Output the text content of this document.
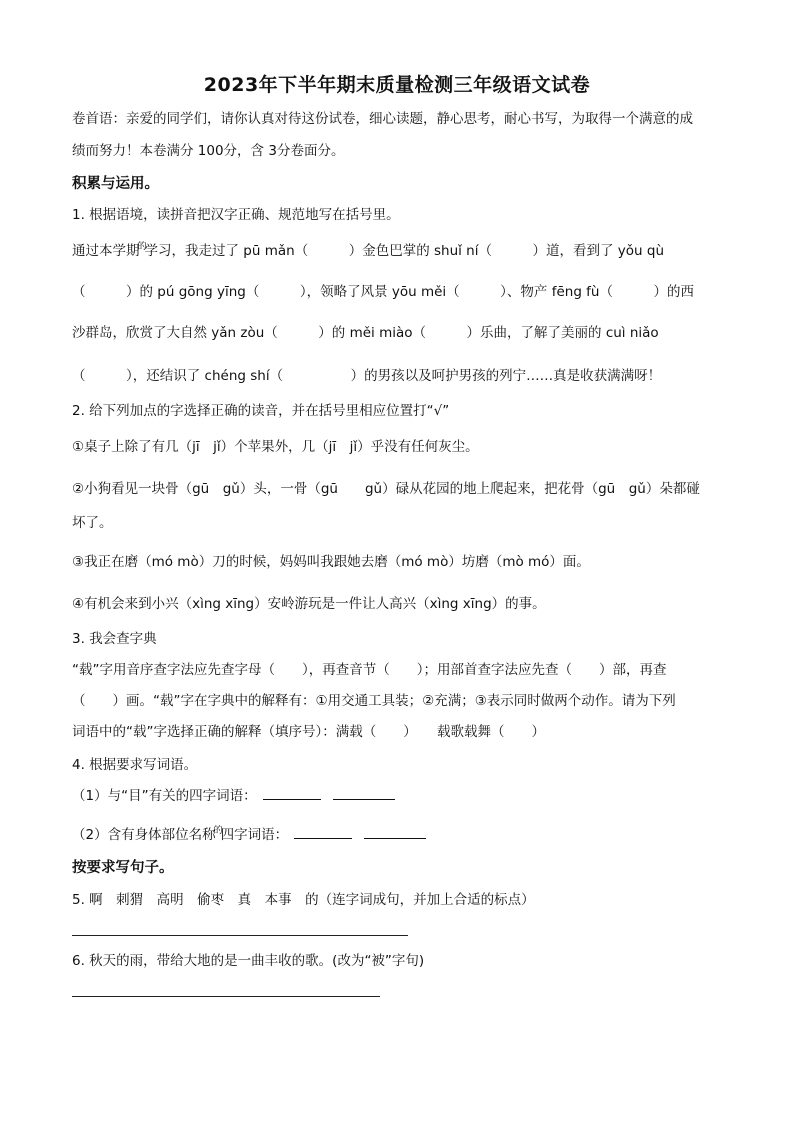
2023年下半年期末质量检测三年级语文试卷
卷首语：亲爱的同学们，请你认真对待这份试卷，细心读题，静心思考，耐心书写，为取得一个满意的成
绩而努力！本卷满分 100分，含 3分卷面分。
积累与运用。
1. 根据语境，读拼音把汉字正确、规范地写在括号里。
通过本学期$^的$学习，我走过了 pū mǎn（　　　）金色巴掌的 shuǐ ní（　　　）道，看到了 yǒu qù
（　　　）的 pú gōng yīng（　　　），领略了风景 yōu měi（　　　）、物产 fēng fù（　　　）的西
沙群岛，欣赏了大自然 yǎn zòu（　　　）的 měi miào（　　　）乐曲，了解了美丽的 cuì niǎo
（　　　），还结识了 chéng shí（　　　　　）的男孩以及呵护男孩的列宁……真是收获满满呀！
2. 给下列加点的字选择正确的读音，并在括号里相应位置打“√”
①桌子上除了有几（jī　jǐ）个苹果外，几（jī　jǐ）乎没有任何灰尘。
②小狗看见一块骨（gū　gǔ）头，一骨（gū　　gǔ）碌从花园的地上爬起来，把花骨（gū　gǔ）朵都碰
坏了。
③我正在磨（mó mò）刀的时候，妈妈叫我跟她去磨（mó mò）坊磨（mò mó）面。
④有机会来到小兴（xìng xīng）安岭游玩是一件让人高兴（xìng xīng）的事。
3. 我会查字典
“载”字用音序查字法应先查字母（　　），再查音节（　　）；用部首查字法应先查（　　）部，再查
（　　）画。“载”字在字典中的解释有：①用交通工具装；②充满；③表示同时做两个动作。请为下列
词语中的“载”字选择正确的解释（填序号）：满载（　　）　　载歌载舞（　　）
4. 根据要求写词语。
（1）与“目”有关的四字词语：
（2）含有身体部位名称$^的$四字词语：
按要求写句子。
5. 啊　刺猬　高明　偷枣　真　本事　的（连字词成句，并加上合适的标点）
6. 秋天的雨，带给大地的是一曲丰收的歌。(改为“被”字句)
